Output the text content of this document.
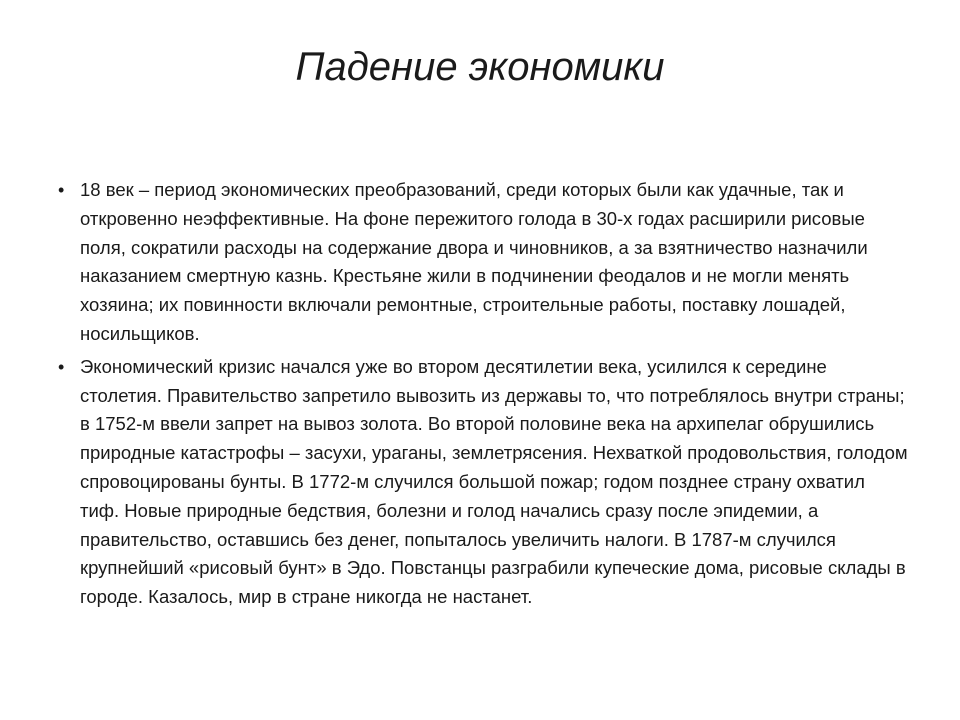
Падение экономики
• 18 век – период экономических преобразований, среди которых были как удачные, так и откровенно неэффективные. На фоне пережитого голода в 30-х годах расширили рисовые поля, сократили расходы на содержание двора и чиновников, а за взятничество назначили наказанием смертную казнь. Крестьяне жили в подчинении феодалов и не могли менять хозяина; их повинности включали ремонтные, строительные работы, поставку лошадей, носильщиков.
• Экономический кризис начался уже во втором десятилетии века, усилился к середине столетия. Правительство запретило вывозить из державы то, что потреблялось внутри страны; в 1752-м ввели запрет на вывоз золота. Во второй половине века на архипелаг обрушились природные катастрофы – засухи, ураганы, землетрясения. Нехваткой продовольствия, голодом спровоцированы бунты. В 1772-м случился большой пожар; годом позднее страну охватил тиф. Новые природные бедствия, болезни и голод начались сразу после эпидемии, а правительство, оставшись без денег, попыталось увеличить налоги. В 1787-м случился крупнейший «рисовый бунт» в Эдо. Повстанцы разграбили купеческие дома, рисовые склады в городе. Казалось, мир в стране никогда не настанет.
